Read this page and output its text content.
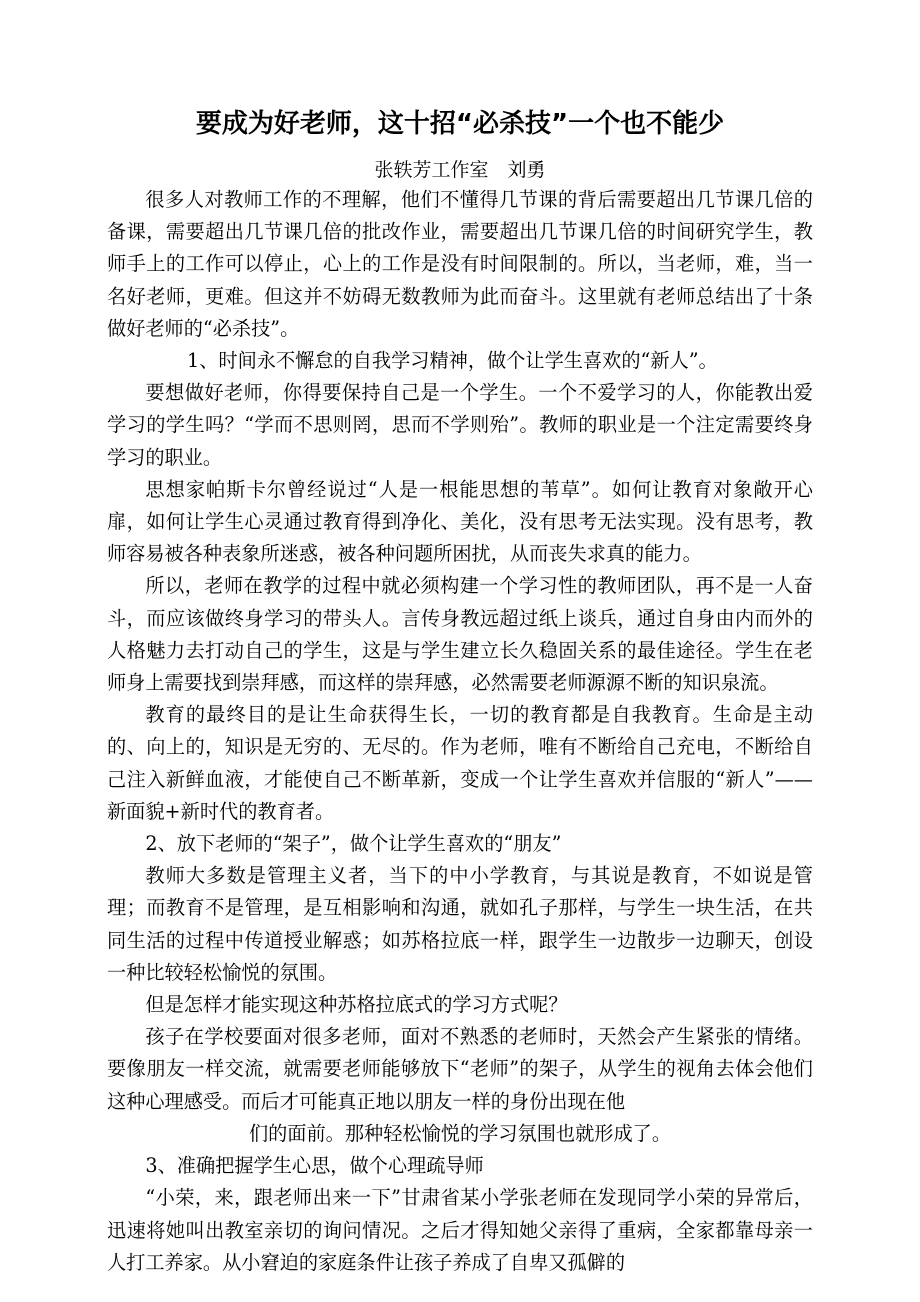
要成为好老师，这十招“必杀技”一个也不能少
张轶芳工作室　刘勇

很多人对教师工作的不理解，他们不懂得几节课的背后需要超出几节课几倍的备课，需要超出几节课几倍的批改作业，需要超出几节课几倍的时间研究学生，教师手上的工作可以停止，心上的工作是没有时间限制的。所以，当老师，难，当一名好老师，更难。但这并不妨碍无数教师为此而奋斗。这里就有老师总结出了十条做好老师的“必杀技”。

1、时间永不懈怠的自我学习精神，做个让学生喜欢的“新人”。

要想做好老师，你得要保持自己是一个学生。一个不爱学习的人，你能教出爱学习的学生吗？“学而不思则罔，思而不学则殆”。教师的职业是一个注定需要终身学习的职业。

思想家帕斯卡尔曾经说过“人是一根能思想的苇草”。如何让教育对象敞开心扉，如何让学生心灵通过教育得到净化、美化，没有思考无法实现。没有思考，教师容易被各种表象所迷惑，被各种问题所困扰，从而丧失求真的能力。

所以，老师在教学的过程中就必须构建一个学习性的教师团队，再不是一人奋斗，而应该做终身学习的带头人。言传身教远超过纸上谈兵，通过自身由内而外的人格魅力去打动自己的学生，这是与学生建立长久稳固关系的最佳途径。学生在老师身上需要找到崇拜感，而这样的崇拜感，必然需要老师源源不断的知识泉流。

教育的最终目的是让生命获得生长，一切的教育都是自我教育。生命是主动的、向上的，知识是无穷的、无尽的。作为老师，唯有不断给自己充电，不断给自己注入新鲜血液，才能使自己不断革新，变成一个让学生喜欢并信服的“新人”——新面貌+新时代的教育者。

2、放下老师的“架子”，做个让学生喜欢的“朋友”

教师大多数是管理主义者，当下的中小学教育，与其说是教育，不如说是管理；而教育不是管理，是互相影响和沟通，就如孔子那样，与学生一块生活，在共同生活的过程中传道授业解惑；如苏格拉底一样，跟学生一边散步一边聊天，创设一种比较轻松愉悦的氛围。

但是怎样才能实现这种苏格拉底式的学习方式呢？

孩子在学校要面对很多老师，面对不熟悉的老师时，天然会产生紧张的情绪。要像朋友一样交流，就需要老师能够放下“老师”的架子，从学生的视角去体会他们这种心理感受。而后才可能真正地以朋友一样的身份出现在他

们的面前。那种轻松愉悦的学习氛围也就形成了。

3、准确把握学生心思，做个心理疏导师

“小荣，来，跟老师出来一下”甘肃省某小学张老师在发现同学小荣的异常后，迅速将她叫出教室亲切的询问情况。之后才得知她父亲得了重病，全家都靠母亲一人打工养家。从小窘迫的家庭条件让孩子养成了自卑又孤僻的
